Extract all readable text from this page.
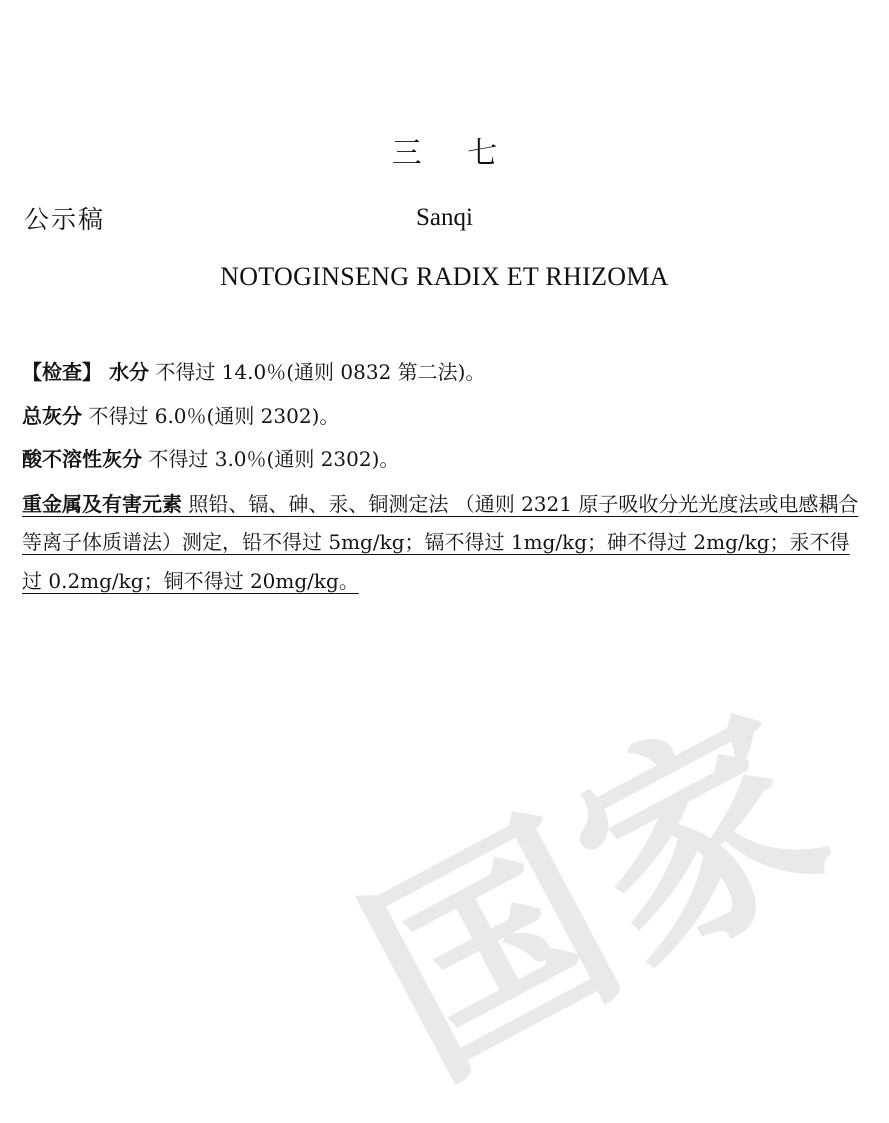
国家
公示稿
三 七
Sanqi
NOTOGINSENG RADIX ET RHIZOMA

【检查】 水分 不得过 14.0％(通则 0832 第二法)。

总灰分 不得过 6.0％(通则 2302)。

酸不溶性灰分 不得过 3.0％(通则 2302)。

重金属及有害元素 照铅、镉、砷、汞、铜测定法 （通则 2321 原子吸收分光光度法或电感耦合等离子体质谱法）测定，铅不得过 5mg/kg；镉不得过 1mg/kg；砷不得过 2mg/kg；汞不得过 0.2mg/kg；铜不得过 20mg/kg。
